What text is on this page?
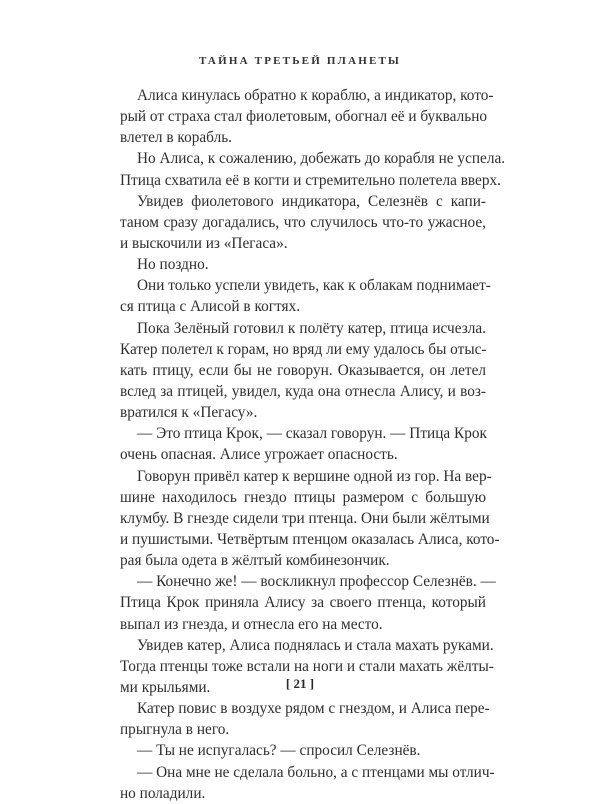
ТАЙНА ТРЕТЬЕЙ ПЛАНЕТЫ
Алиса кинулась обратно к кораблю, а индикатор, кото-
рый от страха стал фиолетовым, обогнал её и буквально
влетел в корабль.
Но Алиса, к сожалению, добежать до корабля не успела.
Птица схватила её в когти и стремительно полетела вверх.
Увидев фиолетового индикатора, Селезнёв с капи-
таном сразу догадались, что случилось что-то ужасное,
и выскочили из «Пегаса».
Но поздно.
Они только успели увидеть, как к облакам поднимает-
ся птица с Алисой в когтях.
Пока Зелёный готовил к полёту катер, птица исчезла.
Катер полетел к горам, но вряд ли ему удалось бы отыс-
кать птицу, если бы не говорун. Оказывается, он летел
вслед за птицей, увидел, куда она отнесла Алису, и воз-
вратился к «Пегасу».
— Это птица Крок, — сказал говорун. — Птица Крок
очень опасная. Алисе угрожает опасность.
Говорун привёл катер к вершине одной из гор. На вер-
шине находилось гнездо птицы размером с большую
клумбу. В гнезде сидели три птенца. Они были жёлтыми
и пушистыми. Четвёртым птенцом оказалась Алиса, кото-
рая была одета в жёлтый комбинезончик.
— Конечно же! — воскликнул профессор Селезнёв. —
Птица Крок приняла Алису за своего птенца, который
выпал из гнезда, и отнесла его на место.
Увидев катер, Алиса поднялась и стала махать руками.
Тогда птенцы тоже встали на ноги и стали махать жёлты-
ми крыльями.
Катер повис в воздухе рядом с гнездом, и Алиса пере-
прыгнула в него.
— Ты не испугалась? — спросил Селезнёв.
— Она мне не сделала больно, а с птенцами мы отлич-
но поладили.
[ 21 ]
